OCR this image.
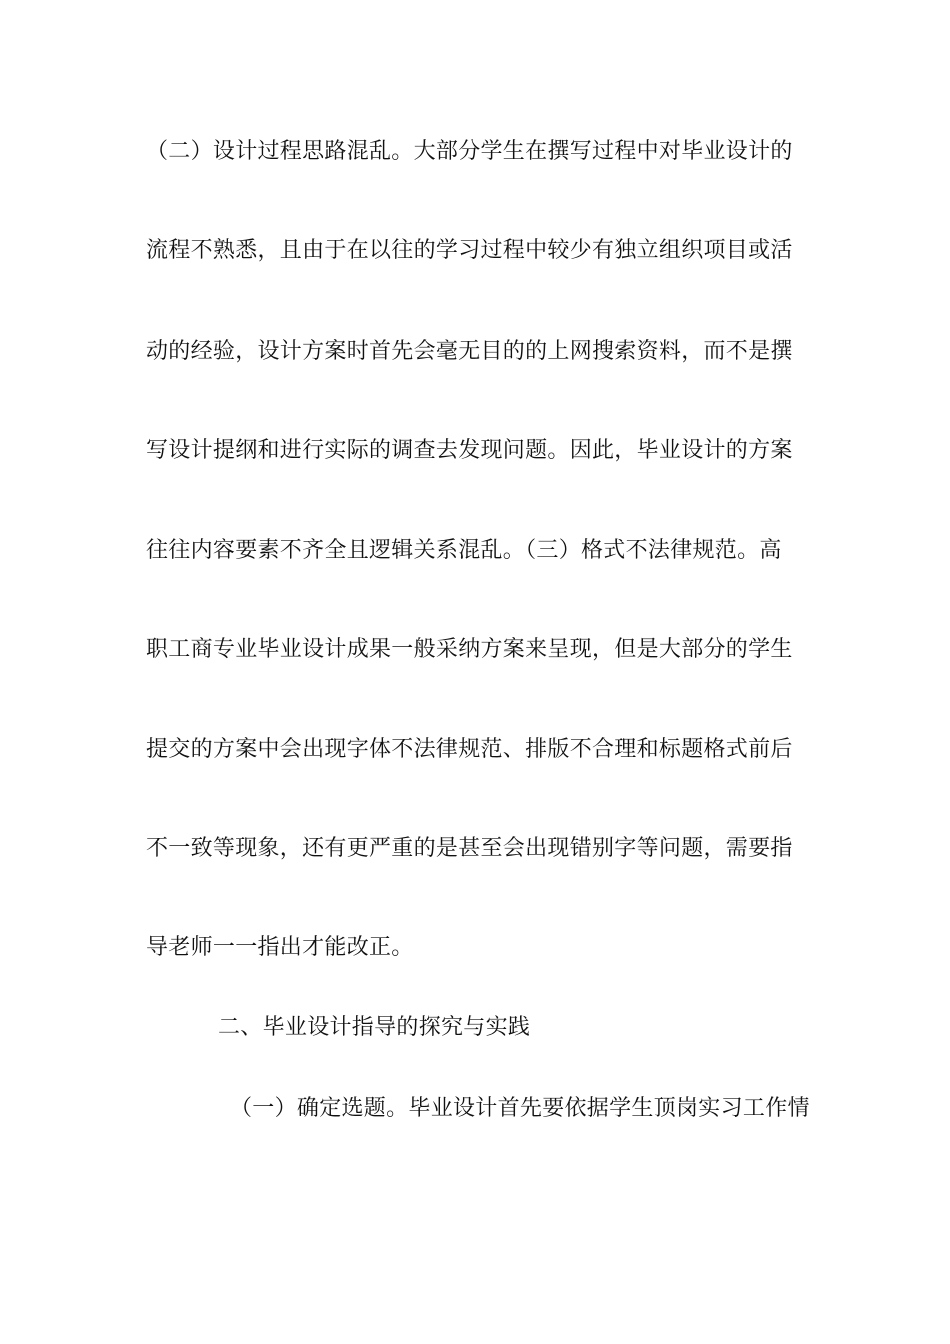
（二）设计过程思路混乱。大部分学生在撰写过程中对毕业设计的
流程不熟悉，且由于在以往的学习过程中较少有独立组织项目或活
动的经验，设计方案时首先会毫无目的的上网搜索资料，而不是撰
写设计提纲和进行实际的调查去发现问题。因此，毕业设计的方案
往往内容要素不齐全且逻辑关系混乱。（三）格式不法律规范。高
职工商专业毕业设计成果一般采纳方案来呈现，但是大部分的学生
提交的方案中会出现字体不法律规范、排版不合理和标题格式前后
不一致等现象，还有更严重的是甚至会出现错别字等问题，需要指
导老师一一指出才能改正。
二、毕业设计指导的探究与实践
（一）确定选题。毕业设计首先要依据学生顶岗实习工作情
